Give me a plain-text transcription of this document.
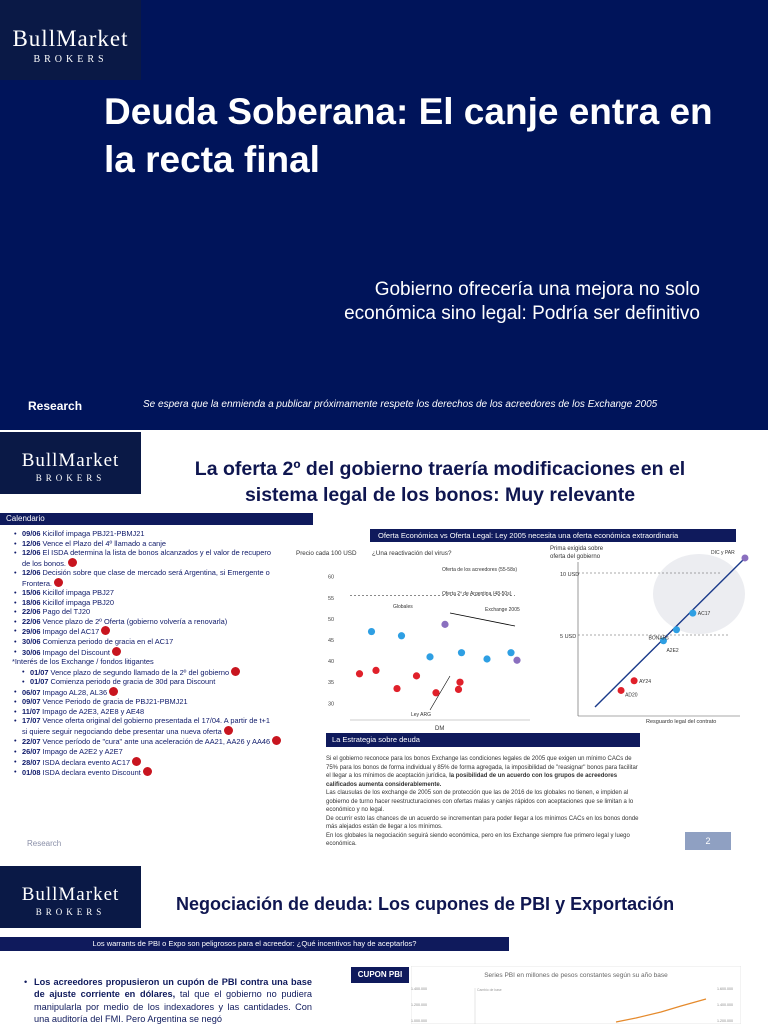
BullMarket
BROKERS
Deuda Soberana: El canje entra en la recta final
Gobierno ofrecería una mejora no solo
económica sino legal: Podría ser definitivo
Research	Se espera que la enmienda a publicar próximamente respete los derechos de los acreedores de los Exchange 2005
BullMarket
BROKERS	La oferta 2º del gobierno traería modificaciones en el sistema legal de los bonos: Muy relevante
Calendario
• 09/06 Kicillof impaga PBJ21-PBMJ21
• 12/06 Vence el Plazo del 4º llamado a canje
• 12/06 El ISDA determina la lista de bonos alcanzados y el valor de recupero
de los bonos.
• 12/06 Decisión sobre que clase de mercado será Argentina, si Emergente o
Frontera.
• 15/06 Kicillof impaga PBJ27
• 18/06 Kicillof impaga PBJ20
• 22/06 Pago del TJ20
• 22/06 Vence plazo de 2º Oferta (gobierno volvería a renovarla)
• 29/06 Impago del AC17
• 30/06 Comienza periodo de gracia en el AC17
• 30/06 Impago del Discount
*Interés de los Exchange / fondos litigantes
• 01/07 Vence plazo de segundo llamado de la 2º del gobierno
• 01/07 Comienza periodo de gracia de 30d para Discount
• 06/07 Impago AL28, AL36
• 09/07 Vence Periodo de gracia de PBJ21-PBMJ21
• 11/07 Impago de A2E3, A2E8 y AE48
• 17/07 Vence oferta original del gobierno presentada el 17/04. A partir de t+1
si quiere seguir negociando debe presentar una nueva oferta
• 22/07 Vence período de "cura" ante una aceleración de AA21, AA26 y AA46
• 26/07 Impago de A2E2 y A2E7
• 28/07 ISDA declara evento AC17
• 01/08 ISDA declara evento Discount
Oferta Económica vs Oferta Legal: Ley 2005 necesita una oferta económica extraordinaria
Precio cada 100 USD ¿Una reactivación del virus?
60
55
50
45
40
35
30
Oferta de los acreedores (55-58s)
Oferta 2º de Argentina (48-50s)
Exchange 2005
Globales
Ley ARG
DM
Prima exigida sobre
oferta del gobierno
10 USD
5 USD
AD20
AY24
A2E2
BONARs
AC17
DIC y PAR
Resguardo legal del contrato
La Estrategia sobre deuda

Si el gobierno reconoce para los bonos Exchange las condiciones legales de 2005 que exigen un mínimo CACs de 75% para los bonos de forma individual y 85% de forma agregada, la imposibilidad de "reasignar" bonos para facilitar el llegar a los mínimos de aceptación jurídica, la posibilidad de un acuerdo con los grupos de acreedores calificados aumenta considerablemente.

Las clausulas de los exchange de 2005 son de protección que las de 2016 de los globales no tienen, e impiden al gobierno de turno hacer reestructuraciones con ofertas malas y canjes rápidos con aceptaciones que se limitan a lo económico y no legal.

De ocurrir esto las chances de un acuerdo se incrementan para poder llegar a los mínimos CACs en los bonos donde más alejados están de llegar a los mínimos.

En los globales la negociación seguirá siendo económica, pero en los Exchange siempre fue primero legal y luego económica.

Research	2
BullMarket
BROKERS	Negociación de deuda: Los cupones de PBI y Exportación
Los warrants de PBI o Expo son peligrosos para el acreedor: ¿Qué incentivos hay de aceptarlos?
• Los acreedores propusieron un cupón de PBI contra una base de ajuste corriente en dólares, tal que el gobierno no pudiera manipularla por medio de los indexadores y las cantidades. Con una auditoría del FMI. Pero Argentina se negó
CUPON PBI	Series PBI en millones de pesos constantes según su año base
1.400.000
1.200.000
1.000.000
1.600.000
1.400.000
1.200.000
Cambio de base
